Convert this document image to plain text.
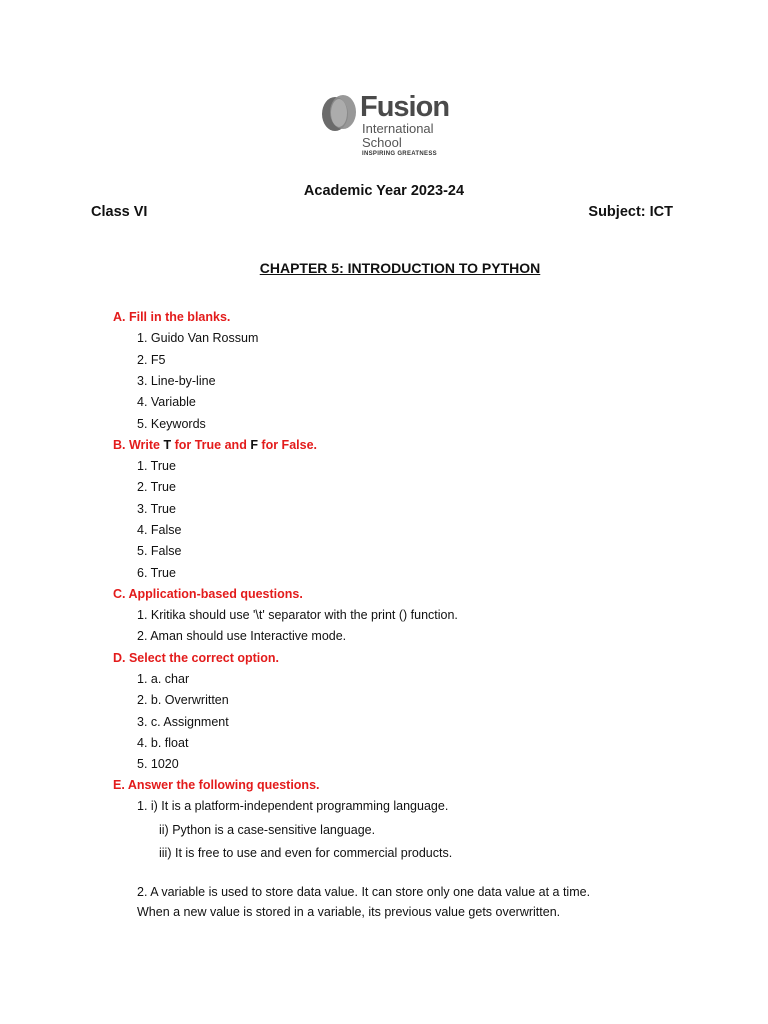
Fusion
International
School
INSPIRING GREATNESS
Academic Year 2023-24
Class VI	Subject: ICT
CHAPTER 5: INTRODUCTION TO PYTHON
A. Fill in the blanks.
1. Guido Van Rossum
2. F5
3. Line-by-line
4. Variable
5. Keywords
B. Write T for True and F for False.
1. True
2. True
3. True
4. False
5. False
6. True
C. Application-based questions.
1. Kritika should use '\t' separator with the print () function.
2. Aman should use Interactive mode.
D. Select the correct option.
1. a. char
2. b. Overwritten
3. c. Assignment
4. b. float
5. 1020
E. Answer the following questions.
1. i) It is a platform-independent programming language.
ii) Python is a case-sensitive language.
iii) It is free to use and even for commercial products.
2. A variable is used to store data value. It can store only one data value at a time.
When a new value is stored in a variable, its previous value gets overwritten.
